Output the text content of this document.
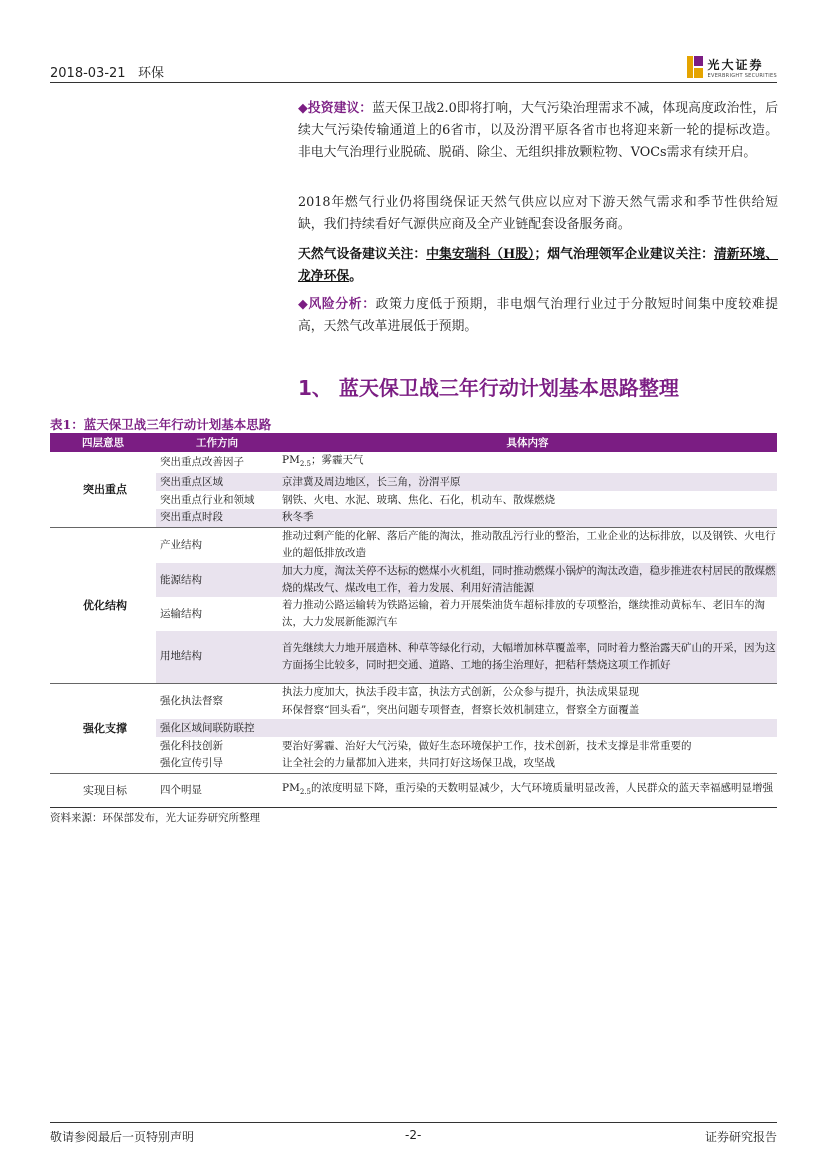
2018-03-21 环保
光大证券
EVERBRIGHT SECURITIES
◆投资建议：蓝天保卫战2.0即将打响，大气污染治理需求不减，体现高度政治性，后续大气污染传输通道上的6省市，以及汾渭平原各省市也将迎来新一轮的提标改造。非电大气治理行业脱硫、脱硝、除尘、无组织排放颗粒物、VOCs需求有续开启。
2018年燃气行业仍将围绕保证天然气供应以应对下游天然气需求和季节性供给短缺，我们持续看好气源供应商及全产业链配套设备服务商。
天然气设备建议关注：中集安瑞科（H股）；烟气治理领军企业建议关注：清新环境、龙净环保。
◆风险分析：政策力度低于预期，非电烟气治理行业过于分散短时间集中度较难提高，天然气改革进展低于预期。
1、 蓝天保卫战三年行动计划基本思路整理
表1：蓝天保卫战三年行动计划基本思路
四层意思	工作方向	具体内容
突出重点	突出重点改善因子	$PM_{2.5}$；雾霾天气
	突出重点区域	京津冀及周边地区，长三角，汾渭平原
	突出重点行业和领域	钢铁、火电、水泥、玻璃、焦化、石化，机动车、散煤燃烧
	突出重点时段	秋冬季
优化结构	产业结构	推动过剩产能的化解、落后产能的淘汰，推动散乱污行业的整治，工业企业的达标排放，以及钢铁、火电行业的超低排放改造
	能源结构	加大力度，淘汰关停不达标的燃煤小火机组，同时推动燃煤小锅炉的淘汰改造，稳步推进农村居民的散煤燃烧的煤改气、煤改电工作，着力发展、利用好清洁能源
	运输结构	着力推动公路运输转为铁路运输，着力开展柴油货车超标排放的专项整治，继续推动黄标车、老旧车的淘汰，大力发展新能源汽车
	用地结构	首先继续大力地开展造林、种草等绿化行动，大幅增加林草覆盖率，同时着力整治露天矿山的开采，因为这方面扬尘比较多，同时把交通、道路、工地的扬尘治理好，把秸秆禁烧这项工作抓好
强化支撑	强化执法督察	执法力度加大，执法手段丰富，执法方式创新，公众参与提升，执法成果显现
		环保督察“回头看”，突出问题专项督查，督察长效机制建立，督察全方面覆盖
	强化区域间联防联控	
	强化科技创新	要治好雾霾、治好大气污染，做好生态环境保护工作，技术创新，技术支撑是非常重要的
	强化宣传引导	让全社会的力量都加入进来，共同打好这场保卫战，攻坚战
实现目标	四个明显	$PM_{2.5}$的浓度明显下降，重污染的天数明显减少，大气环境质量明显改善，人民群众的蓝天幸福感明显增强
资料来源：环保部发布，光大证券研究所整理
敬请参阅最后一页特别声明	-2-	证券研究报告
